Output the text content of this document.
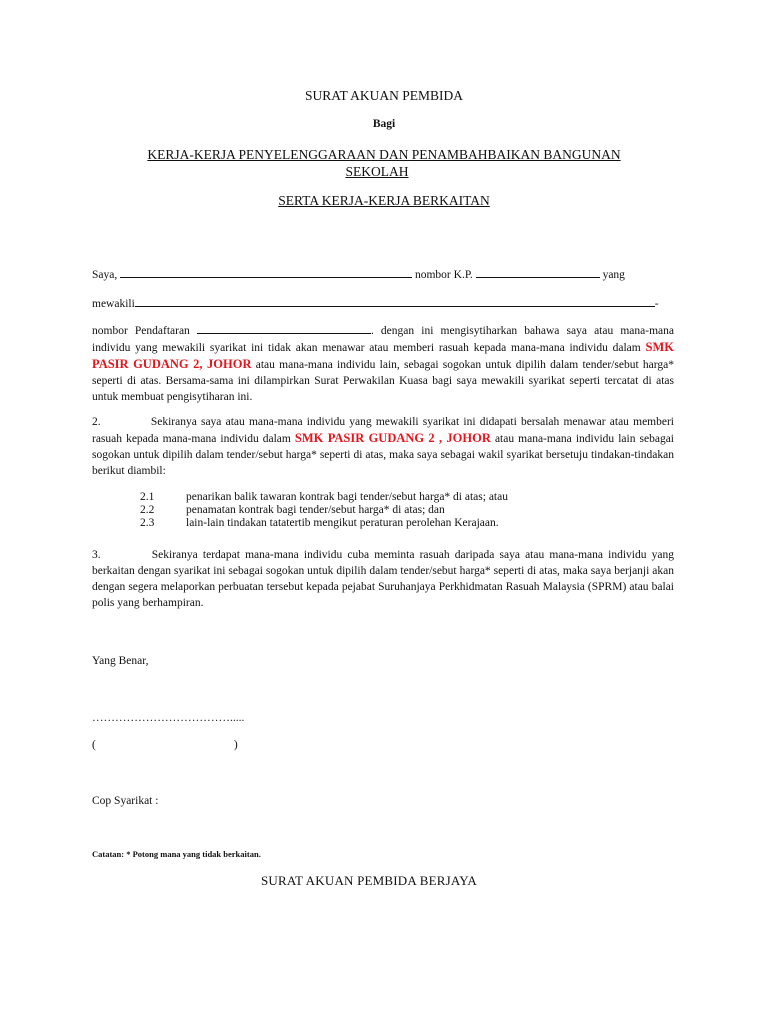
SURAT AKUAN PEMBIDA
Bagi
KERJA-KERJA PENYELENGGARAAN DAN PENAMBAHBAIKAN BANGUNAN
SEKOLAH
SERTA KERJA-KERJA BERKAITAN
Saya,	nombor K.P.	yang
mewakili	-

nombor Pendaftaran	. dengan ini mengisytiharkan bahawa saya atau mana-mana individu yang mewakili syarikat ini tidak akan menawar atau memberi rasuah kepada mana-mana individu dalam SMK PASIR GUDANG 2, JOHOR atau mana-mana individu lain, sebagai sogokan untuk dipilih dalam tender/sebut harga* seperti di atas. Bersama-sama ini dilampirkan Surat Perwakilan Kuasa bagi saya mewakili syarikat seperti tercatat di atas untuk membuat pengisytiharan ini.

2.	Sekiranya saya atau mana-mana individu yang mewakili syarikat ini didapati bersalah menawar atau memberi rasuah kepada mana-mana individu dalam SMK PASIR GUDANG 2 , JOHOR atau mana-mana individu lain sebagai sogokan untuk dipilih dalam tender/sebut harga* seperti di atas, maka saya sebagai wakil syarikat bersetuju tindakan-tindakan berikut diambil:

2.1	penarikan balik tawaran kontrak bagi tender/sebut harga* di atas; atau
2.2	penamatan kontrak bagi tender/sebut harga* di atas; dan
2.3	lain-lain tindakan tatatertib mengikut peraturan perolehan Kerajaan.

3.	Sekiranya terdapat mana-mana individu cuba meminta rasuah daripada saya atau mana-mana individu yang berkaitan dengan syarikat ini sebagai sogokan untuk dipilih dalam tender/sebut harga* seperti di atas, maka saya berjanji akan dengan segera melaporkan perbuatan tersebut kepada pejabat Suruhanjaya Perkhidmatan Rasuah Malaysia (SPRM) atau balai polis yang berhampiran.

Yang Benar,
……………………………….....
(	)
Cop Syarikat :
Catatan: * Potong mana yang tidak berkaitan.
SURAT AKUAN PEMBIDA BERJAYA
